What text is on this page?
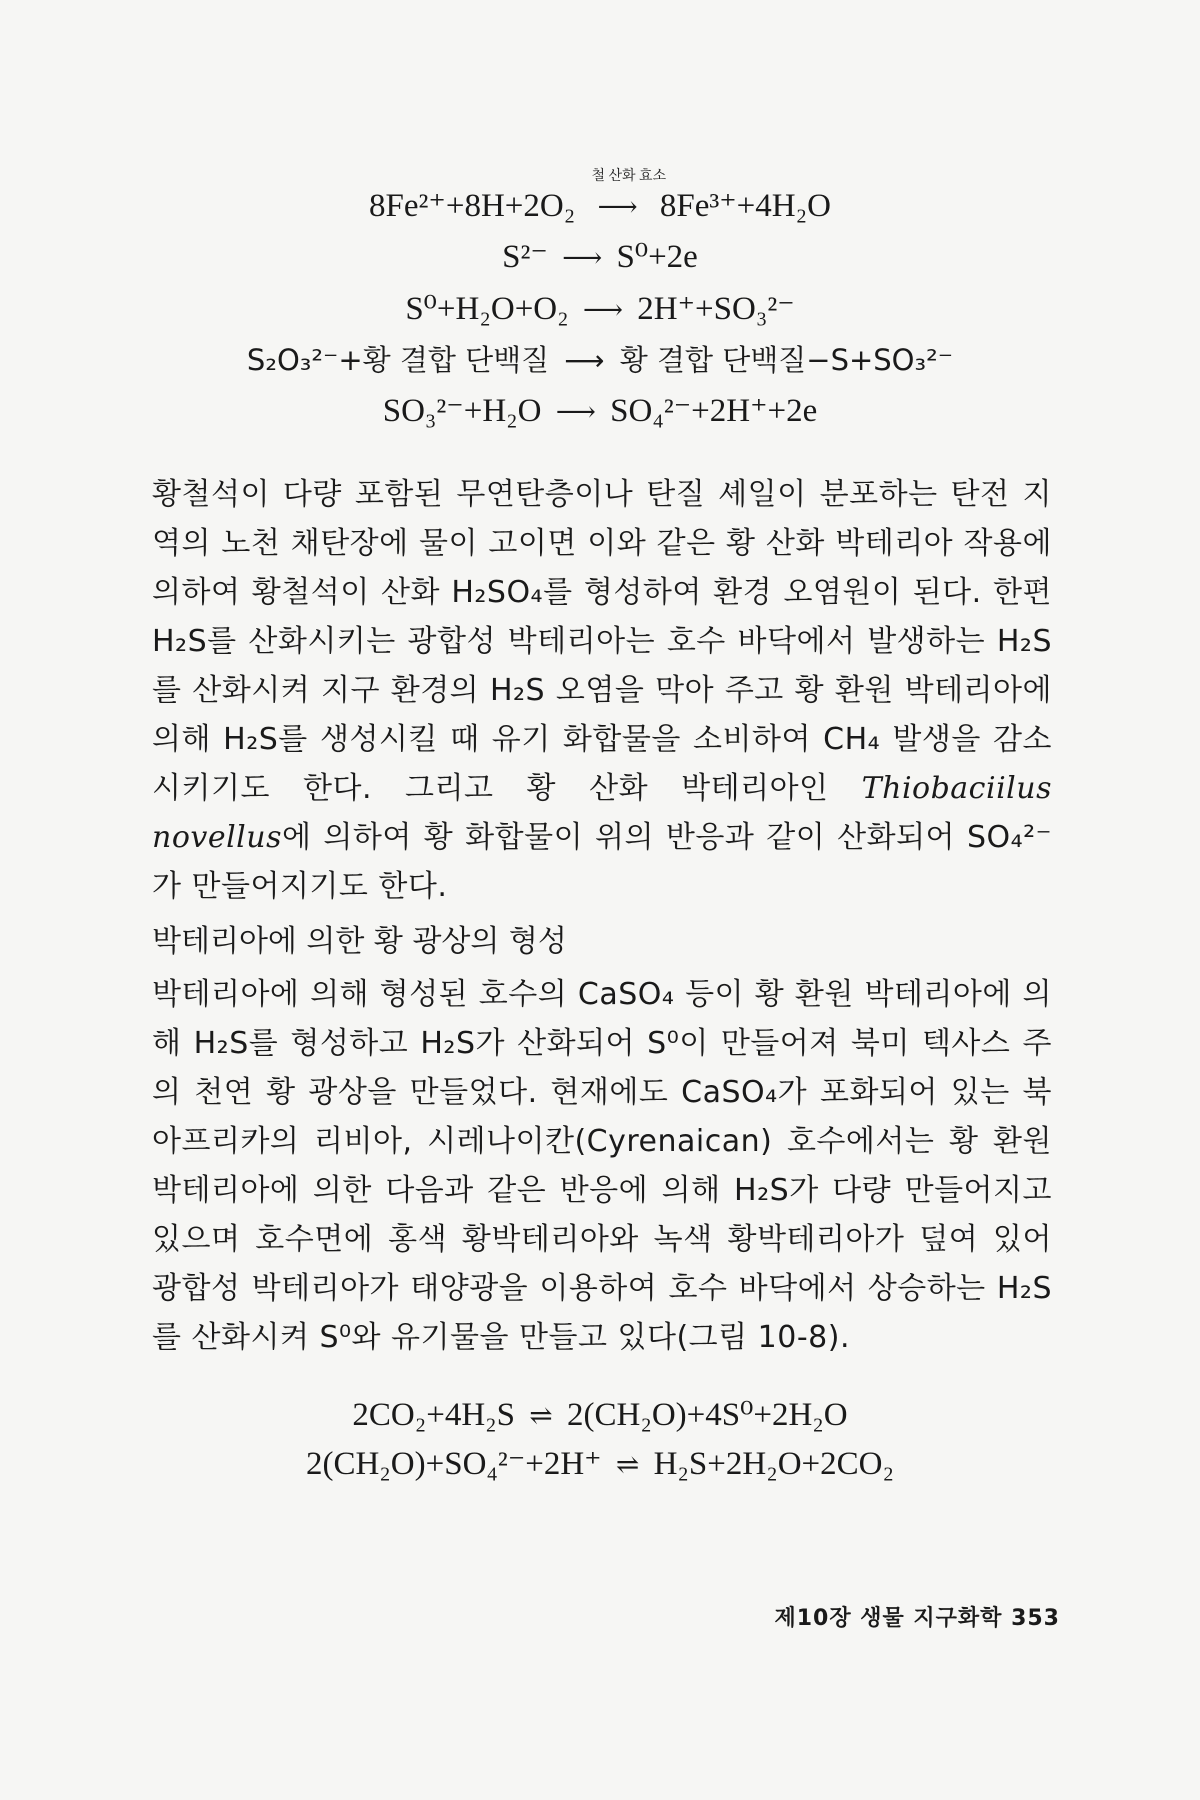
8Fe²⁺+8H+2O₂
철 산화 효소
⟶ 8Fe³⁺+4H₂O
S²⁻ ⟶ S⁰+2e
S⁰+H₂O+O₂ ⟶ 2H⁺+SO₃²⁻
S₂O₃²⁻+황 결합 단백질 ⟶ 황 결합 단백질−S+SO₃²⁻
SO₃²⁻+H₂O ⟶ SO₄²⁻+2H⁺+2e
황철석이 다량 포함된 무연탄층이나 탄질 셰일이 분포하는 탄전 지역의 노천 채탄장에 물이 고이면 이와 같은 황 산화 박테리아 작용에 의하여 황철석이 산화 H₂SO₄를 형성하여 환경 오염원이 된다. 한편 H₂S를 산화시키는 광합성 박테리아는 호수 바닥에서 발생하는 H₂S를 산화시켜 지구 환경의 H₂S 오염을 막아 주고 황 환원 박테리아에 의해 H₂S를 생성시킬 때 유기 화합물을 소비하여 CH₄ 발생을 감소시키기도 한다. 그리고 황 산화 박테리아인 Thiobaciilus novellus에 의하여 황 화합물이 위의 반응과 같이 산화되어 SO₄²⁻가 만들어지기도 한다.
박테리아에 의한 황 광상의 형성
박테리아에 의해 형성된 호수의 CaSO₄ 등이 황 환원 박테리아에 의해 H₂S를 형성하고 H₂S가 산화되어 S⁰이 만들어져 북미 텍사스 주의 천연 황 광상을 만들었다. 현재에도 CaSO₄가 포화되어 있는 북아프리카의 리비아, 시레나이칸(Cyrenaican) 호수에서는 황 환원 박테리아에 의한 다음과 같은 반응에 의해 H₂S가 다량 만들어지고 있으며 호수면에 홍색 황박테리아와 녹색 황박테리아가 덮여 있어 광합성 박테리아가 태양광을 이용하여 호수 바닥에서 상승하는 H₂S를 산화시켜 S⁰와 유기물을 만들고 있다(그림 10-8).
2CO₂+4H₂S ⇌ 2(CH₂O)+4S⁰+2H₂O
2(CH₂O)+SO₄²⁻+2H⁺ ⇌ H₂S+2H₂O+2CO₂
제10장 생물 지구화학 353
